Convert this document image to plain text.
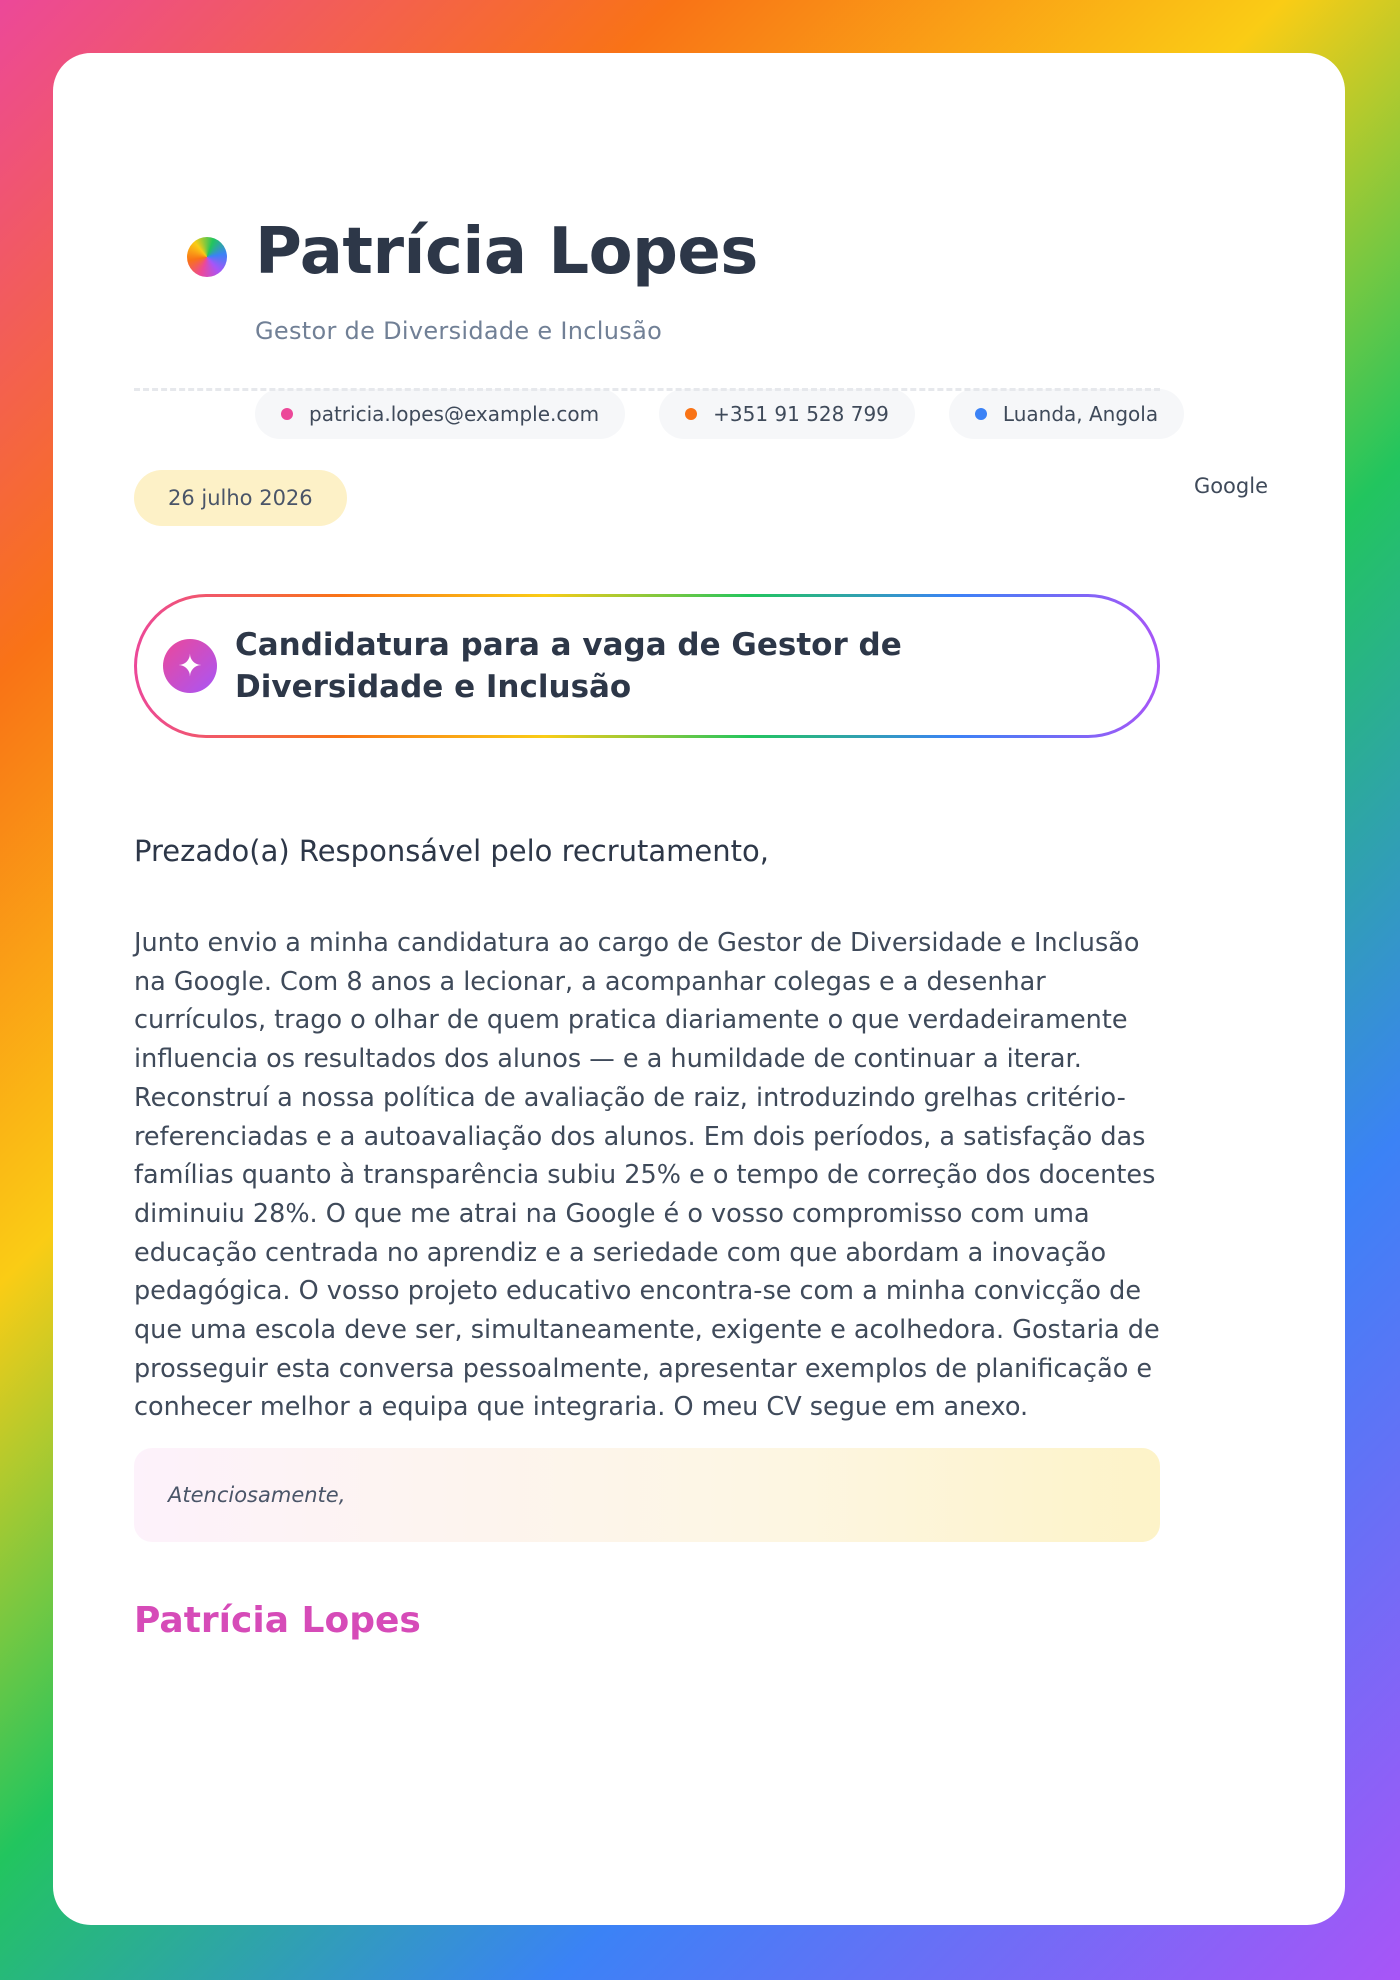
Patrícia Lopes
Gestor de Diversidade e Inclusão
patricia.lopes@example.com	+351 91 528 799	Luanda, Angola
26 julho 2026	Google
✦
Candidatura para a vaga de Gestor de Diversidade e Inclusão
Prezado(a) Responsável pelo recrutamento,

Junto envio a minha candidatura ao cargo de Gestor de Diversidade e Inclusão na Google. Com 8 anos a lecionar, a acompanhar colegas e a desenhar currículos, trago o olhar de quem pratica diariamente o que verdadeiramente influencia os resultados dos alunos — e a humildade de continuar a iterar. Reconstruí a nossa política de avaliação de raiz, introduzindo grelhas critério-referenciadas e a autoavaliação dos alunos. Em dois períodos, a satisfação das famílias quanto à transparência subiu 25% e o tempo de correção dos docentes diminuiu 28%. O que me atrai na Google é o vosso compromisso com uma educação centrada no aprendiz e a seriedade com que abordam a inovação pedagógica. O vosso projeto educativo encontra-se com a minha convicção de que uma escola deve ser, simultaneamente, exigente e acolhedora. Gostaria de prosseguir esta conversa pessoalmente, apresentar exemplos de planificação e conhecer melhor a equipa que integraria. O meu CV segue em anexo.

Atenciosamente,
Patrícia Lopes
